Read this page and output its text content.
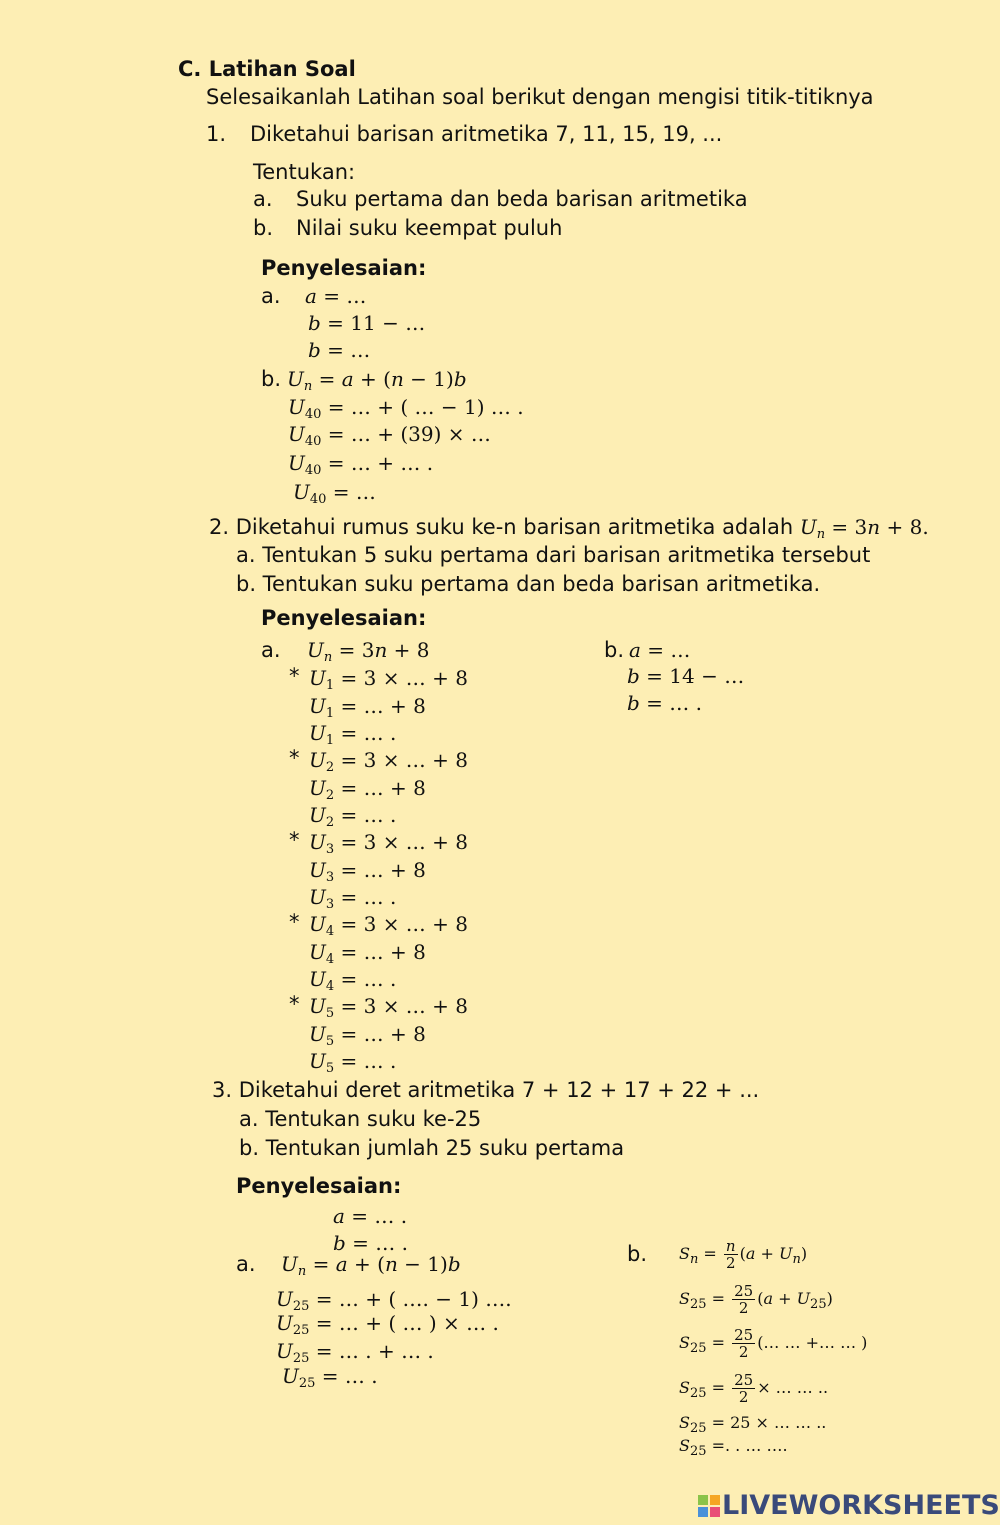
C. Latihan Soal
Selesaikanlah Latihan soal berikut dengan mengisi titik-titiknya
1. Diketahui barisan aritmetika 7, 11, 15, 19, ...
Tentukan:
a. Suku pertama dan beda barisan aritmetika
b. Nilai suku keempat puluh
Penyelesaian:
a. a = …
b = 11 − …
b = …
b. $U_n = a + (n - 1)b$
$U_{40}$ = … + ( … − 1) … .
$U_{40}$ = … + (39) × …
$U_{40}$ = … + … .
$U_{40}$ = …
2. Diketahui rumus suku ke-n barisan aritmetika adalah $U_n = 3n + 8$.
a. Tentukan 5 suku pertama dari barisan aritmetika tersebut
b. Tentukan suku pertama dan beda barisan aritmetika.
Penyelesaian:
a. $U_n = 3n + 8$
* $U_1 = 3$ × … + 8
$U_1$ = … + 8
$U_1$ = … .
* $U_2 = 3$ × … + 8
$U_2$ = … + 8
$U_2$ = … .
* $U_3 = 3$ × … + 8
$U_3$ = … + 8
$U_3$ = … .
* $U_4 = 3$ × … + 8
$U_4$ = … + 8
$U_4$ = … .
* $U_5 = 3$ × … + 8
$U_5$ = … + 8
$U_5$ = … .
b. a = …
b = 14 − …
b = … .
3. Diketahui deret aritmetika 7 + 12 + 17 + 22 + ...
a. Tentukan suku ke-25
b. Tentukan jumlah 25 suku pertama
Penyelesaian:
a = … .
b = … .
a. $U_n = a + (n - 1)b$
$U_{25}$ = … + ( …. − 1) ….
$U_{25}$ = … + ( … ) × … .
$U_{25}$ = … . + … .
$U_{25}$ = … .
b. $S_n = \frac{n}{2} (a + U_n)$
$S_{25} = \frac{25}{2} (a + U_{25})$
$S_{25} = \frac{25}{2}$ (… … +… … )
$S_{25} = \frac{25}{2}$ × … … ..
$S_{25} = 25$ × … … ..
$S_{25}$ =. . … ….
LIVEWORKSHEETS
